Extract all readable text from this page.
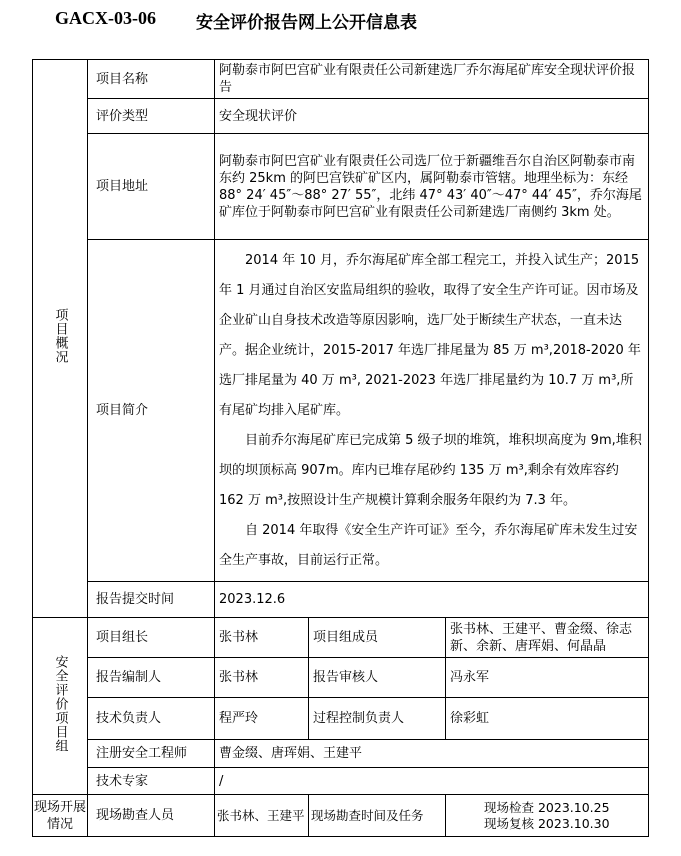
GACX-03-06 安全评价报告网上公开信息表
项目概况	项目名称	阿勒泰市阿巴宫矿业有限责任公司新建选厂乔尔海尾矿库安全现状评价报告		
	评价类型	安全现状评价		
	项目地址	阿勒泰市阿巴宫矿业有限责任公司选厂位于新疆维吾尔自治区阿勒泰市南东约 25km 的阿巴宫铁矿矿区内，属阿勒泰市管辖。地理坐标为：东经 88° 24′ 45″～88° 27′ 55″，北纬 47° 43′ 40″～47° 44′ 45″，乔尔海尾矿库位于阿勒泰市阿巴宫矿业有限责任公司新建选厂南侧约 3km 处。		
	项目简介	2014 年 10 月，乔尔海尾矿库全部工程完工，并投入试生产；2015 年 1 月通过自治区安监局组织的验收，取得了安全生产许可证。因市场及企业矿山自身技术改造等原因影响，选厂处于断续生产状态，一直未达产。据企业统计，2015-2017 年选厂排尾量为 85 万 m³,2018-2020 年选厂排尾量为 40 万 m³, 2021-2023 年选厂排尾量约为 10.7 万 m³,所有尾矿均排入尾矿库。

目前乔尔海尾矿库已完成第 5 级子坝的堆筑，堆积坝高度为 9m,堆积坝的坝顶标高 907m。库内已堆存尾砂约 135 万 m³,剩余有效库容约 162 万 m³,按照设计生产规模计算剩余服务年限约为 7.3 年。

自 2014 年取得《安全生产许可证》至今，乔尔海尾矿库未发生过安全生产事故，目前运行正常。		

	报告提交时间	2023.12.6		
安全评价项目组	项目组长	张书林	项目组成员	张书林、王建平、曹金缀、徐志新、余新、唐珲娟、何晶晶
	报告编制人	张书林	报告审核人	冯永军
	技术负责人	程严玲	过程控制负责人	徐彩虹
	注册安全工程师	曹金缀、唐珲娟、王建平		
	技术专家	/		
现场开展情况	现场勘查人员	张书林、王建平	现场勘查时间及任务	现场检查 2023.10.25
现场复核 2023.10.30
